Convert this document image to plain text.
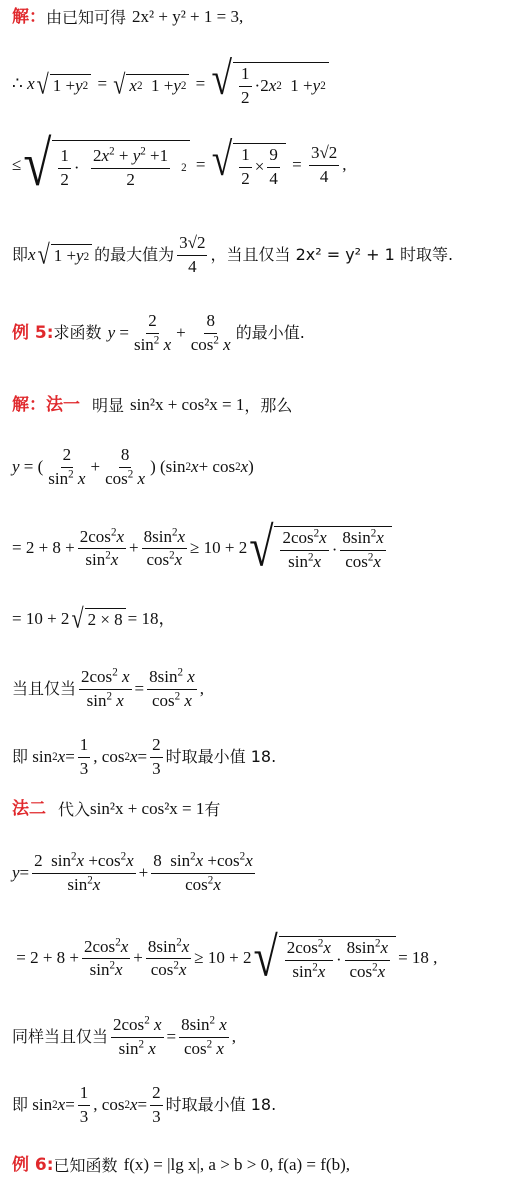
解： 由已知可得 2x² + y² + 1 = 3,
∴ x √ 1 + y 2 = √ x 2 1 + y 2 = √ $\frac{1}{2} \cdot 2$ x 2 1 + y 2
≤ √ $\frac{1}{2} \cdot \frac{2x^2 + y^2 +1}{2} 2$ = √ $\frac{1}{2} \times \frac{9}{4} = \frac{3√2}{4}$ ,
即 x √ 1 + y 2 的最大值为 $\frac{3√2}{4}$ ，当且仅当 2x² = y² + 1 时取等.
例 5: 求函数 $y = \frac{2}{\sin^2 x} + \frac{8}{\cos^2 x}$ 的最小值.
解：法一 明显 sin²x + cos²x = 1 ，那么
y = ( $\frac{2}{\sin^2 x} + \frac{8}{\cos^2 x}$ ) (sin 2 x + cos 2 x )
= $2 + 8 + \frac{2\cos^2x}{\sin^2x} + \frac{8\sin^2x}{\cos^2x} \ge 10 + 2$ √ $\frac{2\cos^2x}{\sin^2x} \cdot \frac{8\sin^2x}{\cos^2x}$
= 10 + 2 √ 2 × 8 = 18，
当且仅当 $\frac{2\cos^2 x}{\sin^2 x} = \frac{8\sin^2 x}{\cos^2 x}$ ,
即 sin 2 $x = \frac{1}{3}$ , cos 2 $x = \frac{2}{3}$ 时取最小值 18.
法二 代入 sin²x + cos²x = 1 有
$y = \frac{2 \sin^2x +\cos^2x}{\sin^2x} + \frac{8 \sin^2x +\cos^2x}{\cos^2x}$
= $2 + 8 + \frac{2\cos^2x}{\sin^2x} + \frac{8\sin^2x}{\cos^2x} \ge 10 + 2$ √ $\frac{2\cos^2x}{\sin^2x} \cdot \frac{8\sin^2x}{\cos^2x} = 18$ ,
同样当且仅当 $\frac{2\cos^2 x}{\sin^2 x} = \frac{8\sin^2 x}{\cos^2 x}$ ,
即 sin 2 $x = \frac{1}{3}$ , cos 2 $x = \frac{2}{3}$ 时取最小值 18.
例 6: 已知函数 f(x) = |lg x|, a > b > 0, f(a) = f(b),
